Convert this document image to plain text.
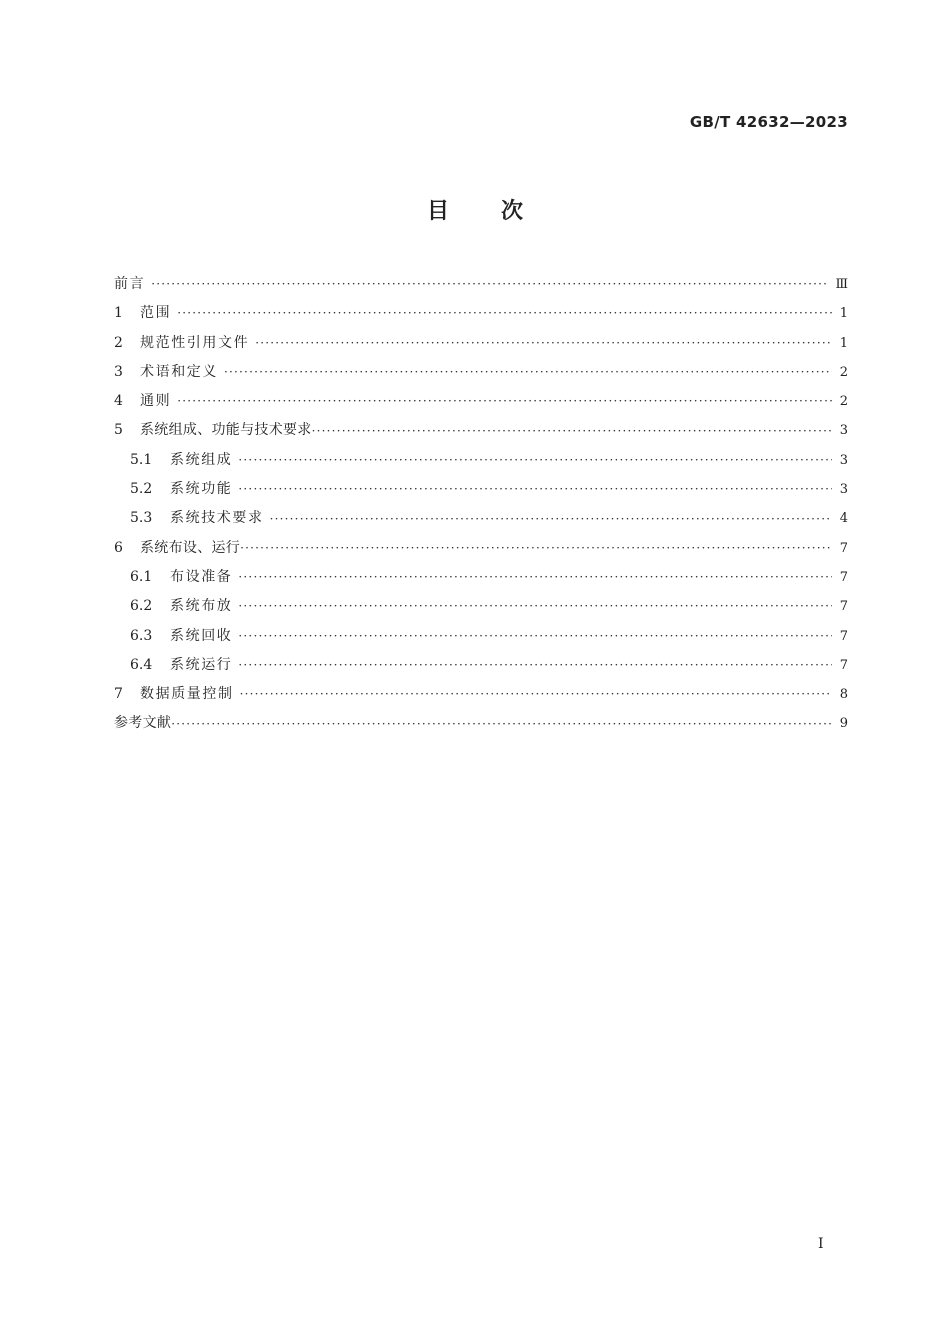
GB/T 42632—2023
目 次
前言 ·····	Ⅲ
1	范围 ·····	1
2	规范性引用文件 ·····	1
3	术语和定义 ·····	2
4	通则 ·····	2
5	系统组成、功能与技术要求 ·····	3
5.1	系统组成 ·····	3
5.2	系统功能 ·····	3
5.3	系统技术要求 ·····	4
6	系统布设、运行 ·····	7
6.1	布设准备 ·····	7
6.2	系统布放 ·····	7
6.3	系统回收 ·····	7
6.4	系统运行 ·····	7
7	数据质量控制 ·····	8
参考文献 ·····	9
I
